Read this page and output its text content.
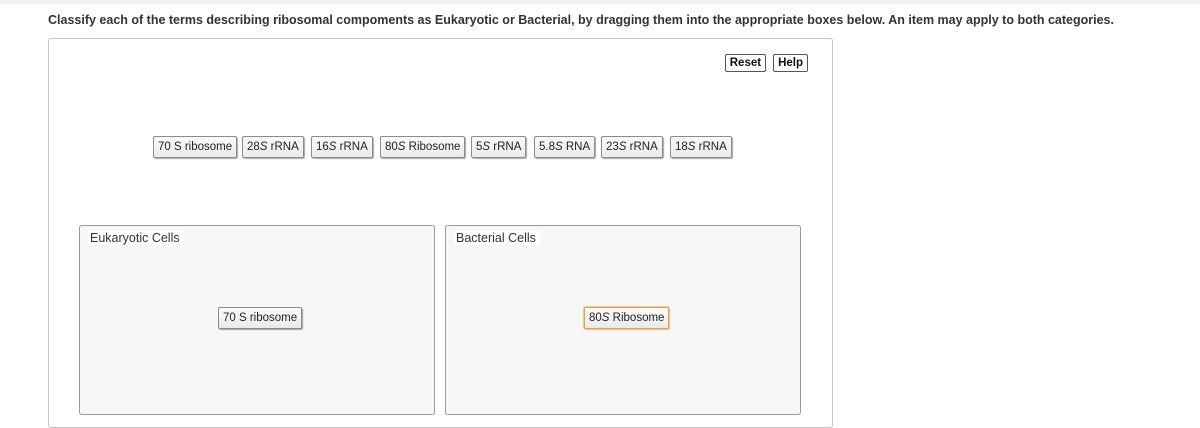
Classify each of the terms describing ribosomal compoments as Eukaryotic or Bacterial, by dragging them into the appropriate boxes below. An item may apply to both categories.
Reset	Help
70 S ribosome	28S rRNA	16S rRNA	80S Ribosome	5S rRNA	5.8S RNA	23S rRNA	18S rRNA
Eukaryotic Cells
70 S ribosome
Bacterial Cells
80S Ribosome
